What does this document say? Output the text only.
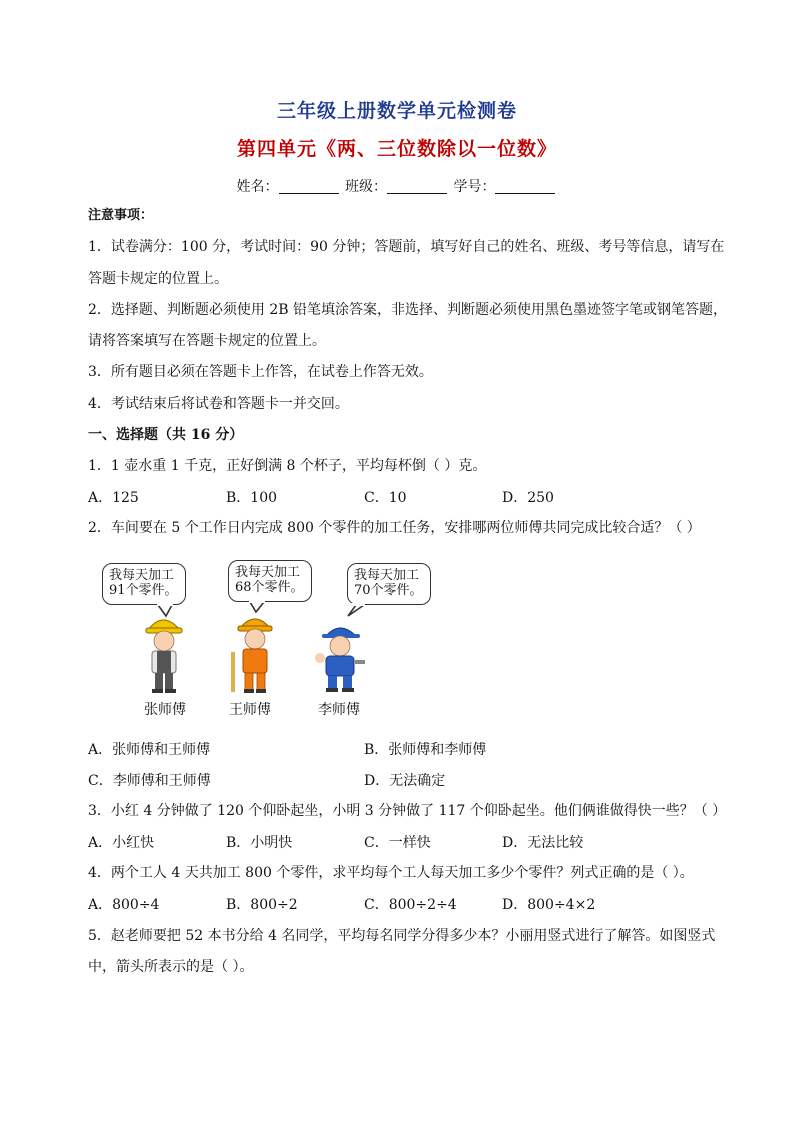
三年级上册数学单元检测卷
第四单元《两、三位数除以一位数》
姓名：	班级：	学号：
注意事项：
1．试卷满分：100 分，考试时间：90 分钟；答题前，填写好自己的姓名、班级、考号等信息，请写在
答题卡规定的位置上。
2．选择题、判断题必须使用 2B 铅笔填涂答案，非选择、判断题必须使用黑色墨迹签字笔或钢笔答题，
请将答案填写在答题卡规定的位置上。
3．所有题目必须在答题卡上作答，在试卷上作答无效。
4．考试结束后将试卷和答题卡一并交回。
一、选择题（共 16 分）
1．1 壶水重 1 千克，正好倒满 8 个杯子，平均每杯倒（ ）克。
A．125	B．100	C．10	D．250
2．车间要在 5 个工作日内完成 800 个零件的加工任务，安排哪两位师傅共同完成比较合适？（ ）
我每天加工
91个零件。
我每天加工
68个零件。
我每天加工
70个零件。
张师傅	王师傅	李师傅
A．张师傅和王师傅	B．张师傅和李师傅
C．李师傅和王师傅	D．无法确定
3．小红 4 分钟做了 120 个仰卧起坐，小明 3 分钟做了 117 个仰卧起坐。他们俩谁做得快一些？（ ）
A．小红快	B．小明快	C．一样快	D．无法比较
4．两个工人 4 天共加工 800 个零件，求平均每个工人每天加工多少个零件？列式正确的是（ ）。
A．800÷4	B．800÷2	C．800÷2÷4	D．800÷4×2
5．赵老师要把 52 本书分给 4 名同学，平均每名同学分得多少本？小丽用竖式进行了解答。如图竖式
中，箭头所表示的是（ ）。
